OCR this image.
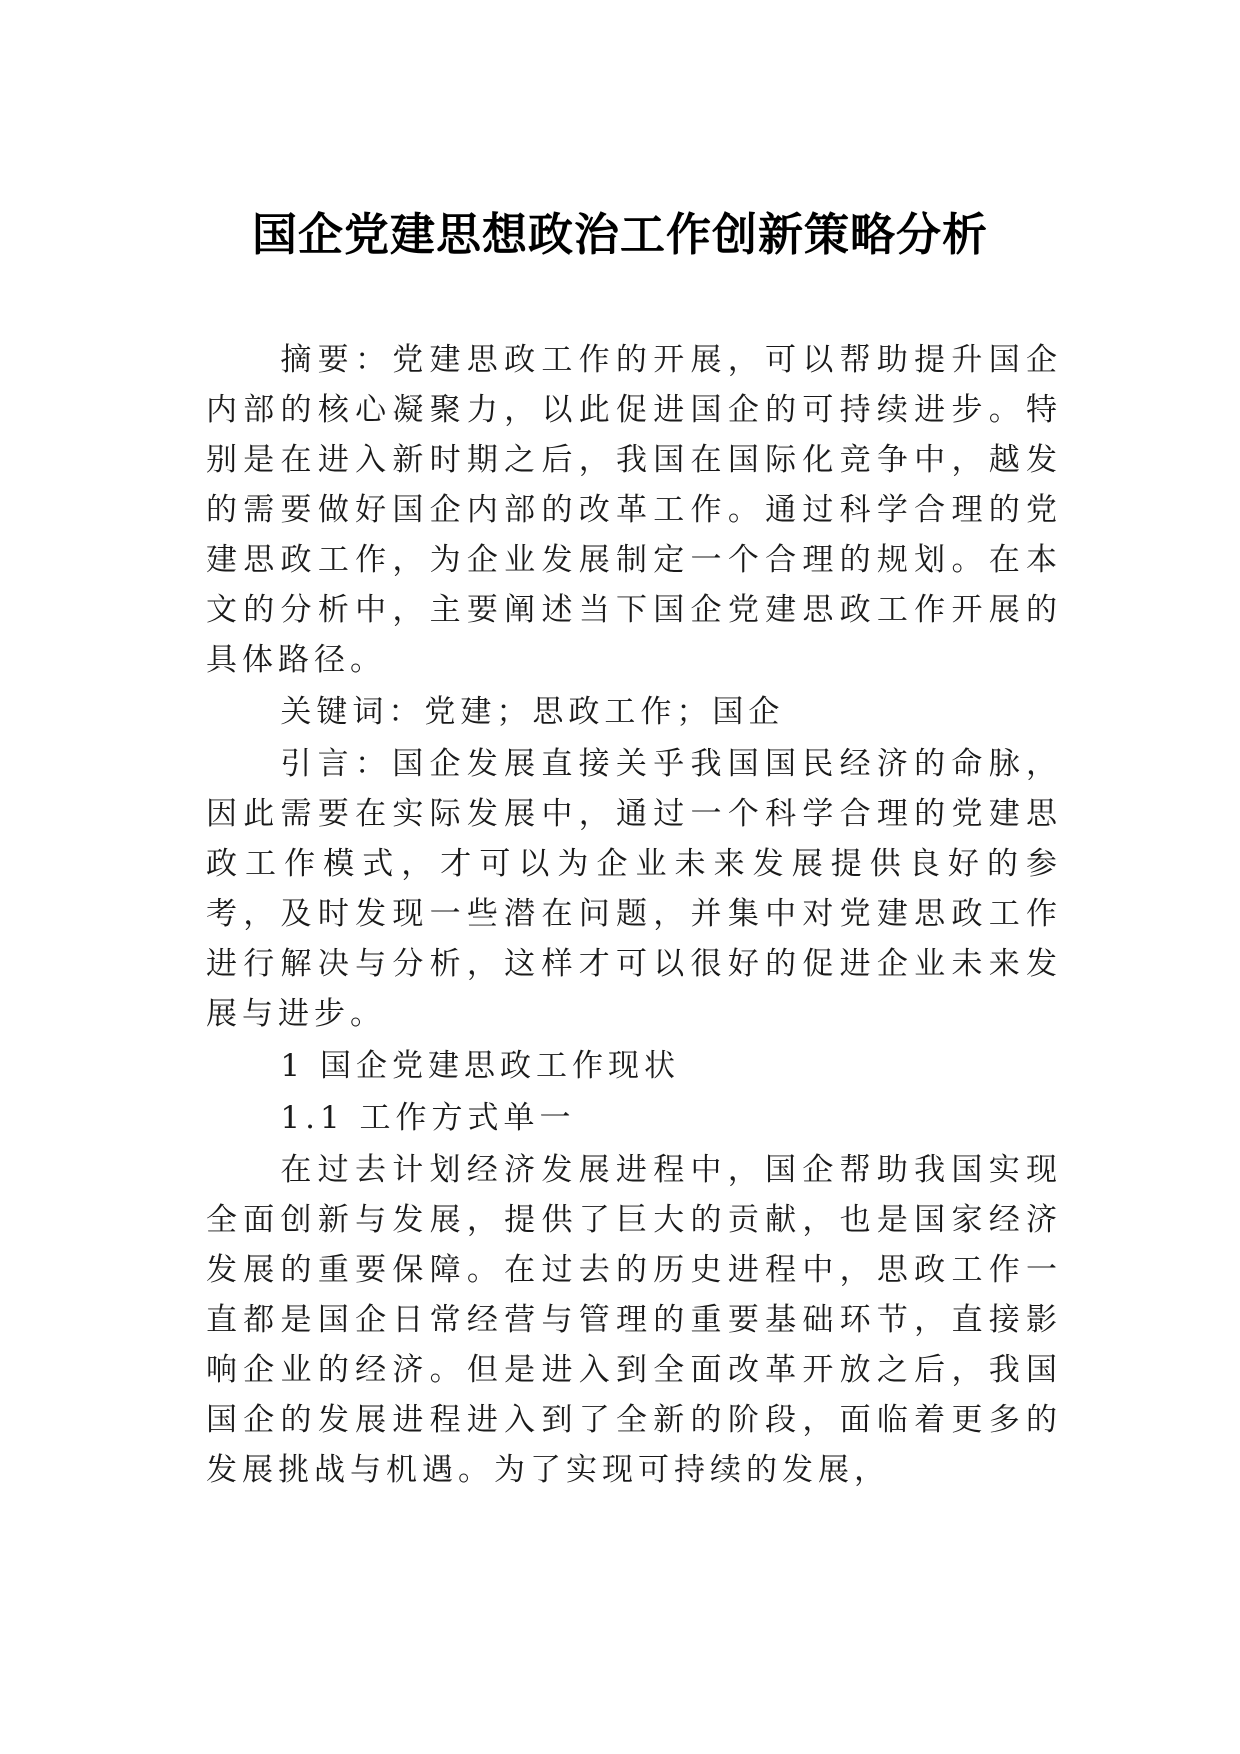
国企党建思想政治工作创新策略分析

摘要：党建思政工作的开展，可以帮助提升国企内部的核心凝聚力，以此促进国企的可持续进步。特别是在进入新时期之后，我国在国际化竞争中，越发的需要做好国企内部的改革工作。通过科学合理的党建思政工作，为企业发展制定一个合理的规划。在本文的分析中，主要阐述当下国企党建思政工作开展的具体路径。

关键词：党建；思政工作；国企

引言：国企发展直接关乎我国国民经济的命脉，因此需要在实际发展中，通过一个科学合理的党建思政工作模式，才可以为企业未来发展提供良好的参考，及时发现一些潜在问题，并集中对党建思政工作进行解决与分析，这样才可以很好的促进企业未来发展与进步。

1 国企党建思政工作现状

1.1 工作方式单一

在过去计划经济发展进程中，国企帮助我国实现全面创新与发展，提供了巨大的贡献，也是国家经济发展的重要保障。在过去的历史进程中，思政工作一直都是国企日常经营与管理的重要基础环节，直接影响企业的经济。但是进入到全面改革开放之后，我国国企的发展进程进入到了全新的阶段，面临着更多的发展挑战与机遇。为了实现可持续的发展，
